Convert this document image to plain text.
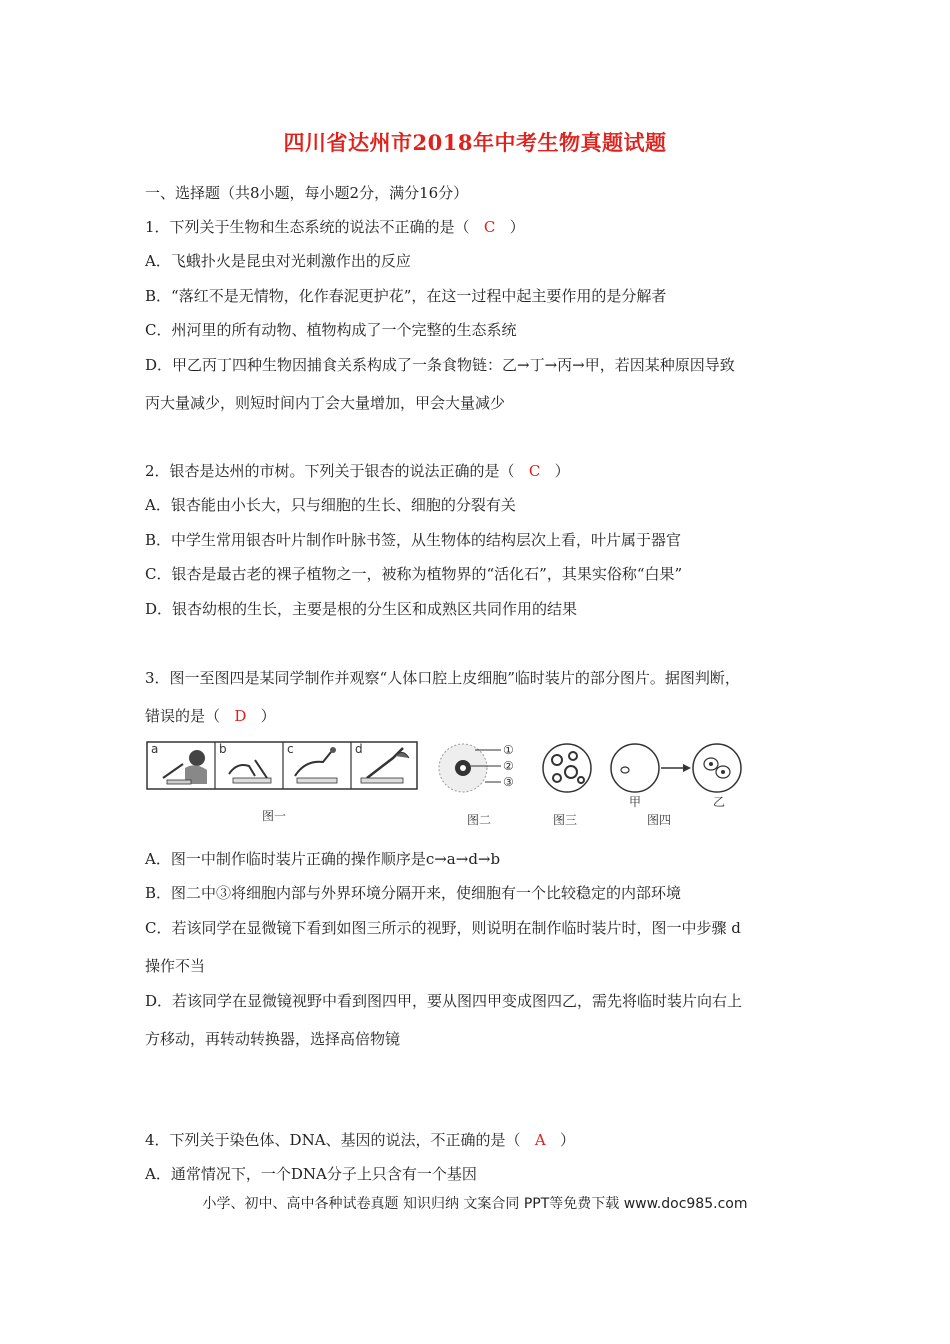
四川省达州市2018年中考生物真题试题
一、选择题（共8小题，每小题2分，满分16分）
1．下列关于生物和生态系统的说法不正确的是（ C ）
A．飞蛾扑火是昆虫对光刺激作出的反应
B．“落红不是无情物，化作春泥更护花”，在这一过程中起主要作用的是分解者
C．州河里的所有动物、植物构成了一个完整的生态系统
D．甲乙丙丁四种生物因捕食关系构成了一条食物链：乙→丁→丙→甲，若因某种原因导致
丙大量减少，则短时间内丁会大量增加，甲会大量减少
2．银杏是达州的市树。下列关于银杏的说法正确的是（ C ）
A．银杏能由小长大，只与细胞的生长、细胞的分裂有关
B．中学生常用银杏叶片制作叶脉书签，从生物体的结构层次上看，叶片属于器官
C．银杏是最古老的裸子植物之一，被称为植物界的“活化石”，其果实俗称“白果”
D．银杏幼根的生长，主要是根的分生区和成熟区共同作用的结果
3．图一至图四是某同学制作并观察“人体口腔上皮细胞”临时装片的部分图片。据图判断，
错误的是（ D ）
a	b	c	d
图一
①
②
③
图二	图三
甲	乙
图四
A．图一中制作临时装片正确的操作顺序是c→a→d→b
B．图二中③将细胞内部与外界环境分隔开来，使细胞有一个比较稳定的内部环境
C．若该同学在显微镜下看到如图三所示的视野，则说明在制作临时装片时，图一中步骤 d
操作不当
D．若该同学在显微镜视野中看到图四甲，要从图四甲变成图四乙，需先将临时装片向右上
方移动，再转动转换器，选择高倍物镜
4．下列关于染色体、DNA、基因的说法，不正确的是（ A ）
A．通常情况下，一个DNA分子上只含有一个基因
小学、初中、高中各种试卷真题 知识归纳 文案合同 PPT等免费下载 www.doc985.com
